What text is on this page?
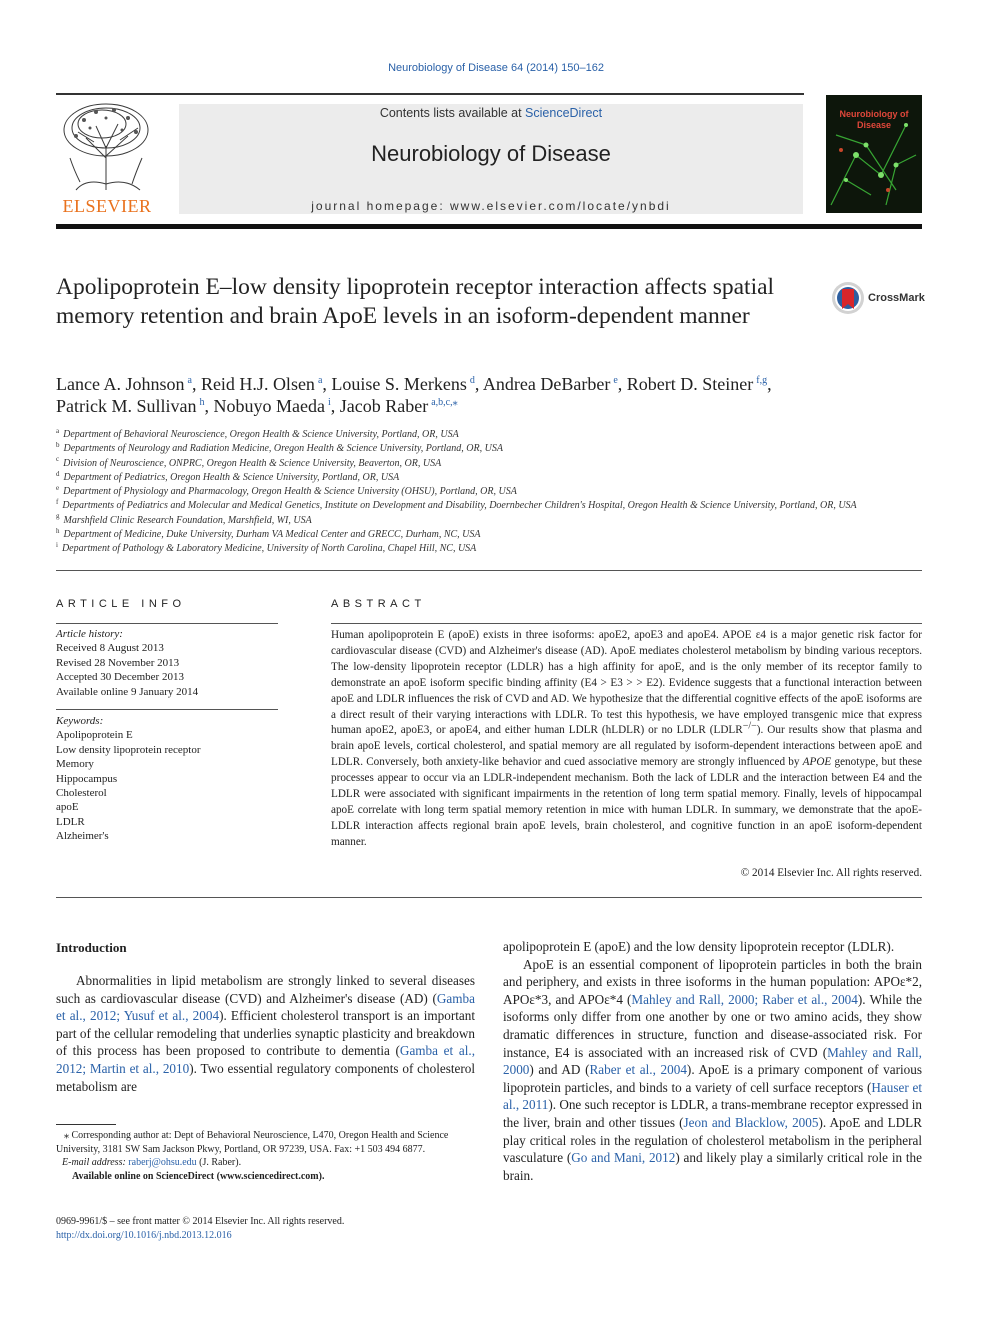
Neurobiology of Disease 64 (2014) 150–162
ELSEVIER
Contents lists available at ScienceDirect
Neurobiology of Disease
journal homepage: www.elsevier.com/locate/ynbdi
Neurobiology of Disease
Apolipoprotein E–low density lipoprotein receptor interaction affects spatial memory retention and brain ApoE levels in an isoform-dependent manner
CrossMark
Lance A. Johnson $^a$, Reid H.J. Olsen $^a$, Louise S. Merkens $^d$, Andrea DeBarber $^e$, Robert D. Steiner $^{f,g}$,
Patrick M. Sullivan $^h$, Nobuyo Maeda $^i$, Jacob Raber $^{a,b,c,⁎}$
$^a$ Department of Behavioral Neuroscience, Oregon Health & Science University, Portland, OR, USA
$^b$ Departments of Neurology and Radiation Medicine, Oregon Health & Science University, Portland, OR, USA
$^c$ Division of Neuroscience, ONPRC, Oregon Health & Science University, Beaverton, OR, USA
$^d$ Department of Pediatrics, Oregon Health & Science University, Portland, OR, USA
$^e$ Department of Physiology and Pharmacology, Oregon Health & Science University (OHSU), Portland, OR, USA
$^f$ Departments of Pediatrics and Molecular and Medical Genetics, Institute on Development and Disability, Doernbecher Children's Hospital, Oregon Health & Science University, Portland, OR, USA
$^g$ Marshfield Clinic Research Foundation, Marshfield, WI, USA
$^h$ Department of Medicine, Duke University, Durham VA Medical Center and GRECC, Durham, NC, USA
$^i$ Department of Pathology & Laboratory Medicine, University of North Carolina, Chapel Hill, NC, USA
ARTICLE INFO
Article history:
Received 8 August 2013
Revised 28 November 2013
Accepted 30 December 2013
Available online 9 January 2014
Keywords:
Apolipoprotein E
Low density lipoprotein receptor
Memory
Hippocampus
Cholesterol
apoE
LDLR
Alzheimer's
ABSTRACT
Human apolipoprotein E (apoE) exists in three isoforms: apoE2, apoE3 and apoE4. APOE ε4 is a major genetic risk factor for cardiovascular disease (CVD) and Alzheimer's disease (AD). ApoE mediates cholesterol metabolism by binding various receptors. The low-density lipoprotein receptor (LDLR) has a high affinity for apoE, and is the only member of its receptor family to demonstrate an apoE isoform specific binding affinity (E4 > E3 > > E2). Evidence suggests that a functional interaction between apoE and LDLR influences the risk of CVD and AD. We hypothesize that the differential cognitive effects of the apoE isoforms are a direct result of their varying interactions with LDLR. To test this hypothesis, we have employed transgenic mice that express human apoE2, apoE3, or apoE4, and either human LDLR (hLDLR) or no LDLR (LDLR−/−). Our results show that plasma and brain apoE levels, cortical cholesterol, and spatial memory are all regulated by isoform-dependent interactions between apoE and LDLR. Conversely, both anxiety-like behavior and cued associative memory are strongly influenced by APOE genotype, but these processes appear to occur via an LDLR-independent mechanism. Both the lack of LDLR and the interaction between E4 and the LDLR were associated with significant impairments in the retention of long term spatial memory. Finally, levels of hippocampal apoE correlate with long term spatial memory retention in mice with human LDLR. In summary, we demonstrate that the apoE-LDLR interaction affects regional brain apoE levels, brain cholesterol, and cognitive function in an apoE isoform-dependent manner.
© 2014 Elsevier Inc. All rights reserved.
Introduction

Abnormalities in lipid metabolism are strongly linked to several diseases such as cardiovascular disease (CVD) and Alzheimer's disease (AD) (Gamba et al., 2012; Yusuf et al., 2004). Efficient cholesterol transport is an important part of the cellular remodeling that underlies synaptic plasticity and breakdown of this process has been proposed to contribute to dementia (Gamba et al., 2012; Martin et al., 2010). Two essential regulatory components of cholesterol metabolism are

apolipoprotein E (apoE) and the low density lipoprotein receptor (LDLR).

ApoE is an essential component of lipoprotein particles in both the brain and periphery, and exists in three isoforms in the human population: APOε*2, APOε*3, and APOε*4 (Mahley and Rall, 2000; Raber et al., 2004). While the isoforms only differ from one another by one or two amino acids, they show dramatic differences in structure, function and disease-associated risk. For instance, E4 is associated with an increased risk of CVD (Mahley and Rall, 2000) and AD (Raber et al., 2004). ApoE is a primary component of various lipoprotein particles, and binds to a variety of cell surface receptors (Hauser et al., 2011). One such receptor is LDLR, a trans-membrane receptor expressed in the liver, brain and other tissues (Jeon and Blacklow, 2005). ApoE and LDLR play critical roles in the regulation of cholesterol metabolism in the peripheral vasculature (Go and Mani, 2012) and likely play a similarly critical role in the brain.

⁎ Corresponding author at: Dept of Behavioral Neuroscience, L470, Oregon Health and Science University, 3181 SW Sam Jackson Pkwy, Portland, OR 97239, USA. Fax: +1 503 494 6877.
E-mail address: raberj@ohsu.edu (J. Raber).
Available online on ScienceDirect (www.sciencedirect.com).
0969-9961/$ – see front matter © 2014 Elsevier Inc. All rights reserved.
http://dx.doi.org/10.1016/j.nbd.2013.12.016
